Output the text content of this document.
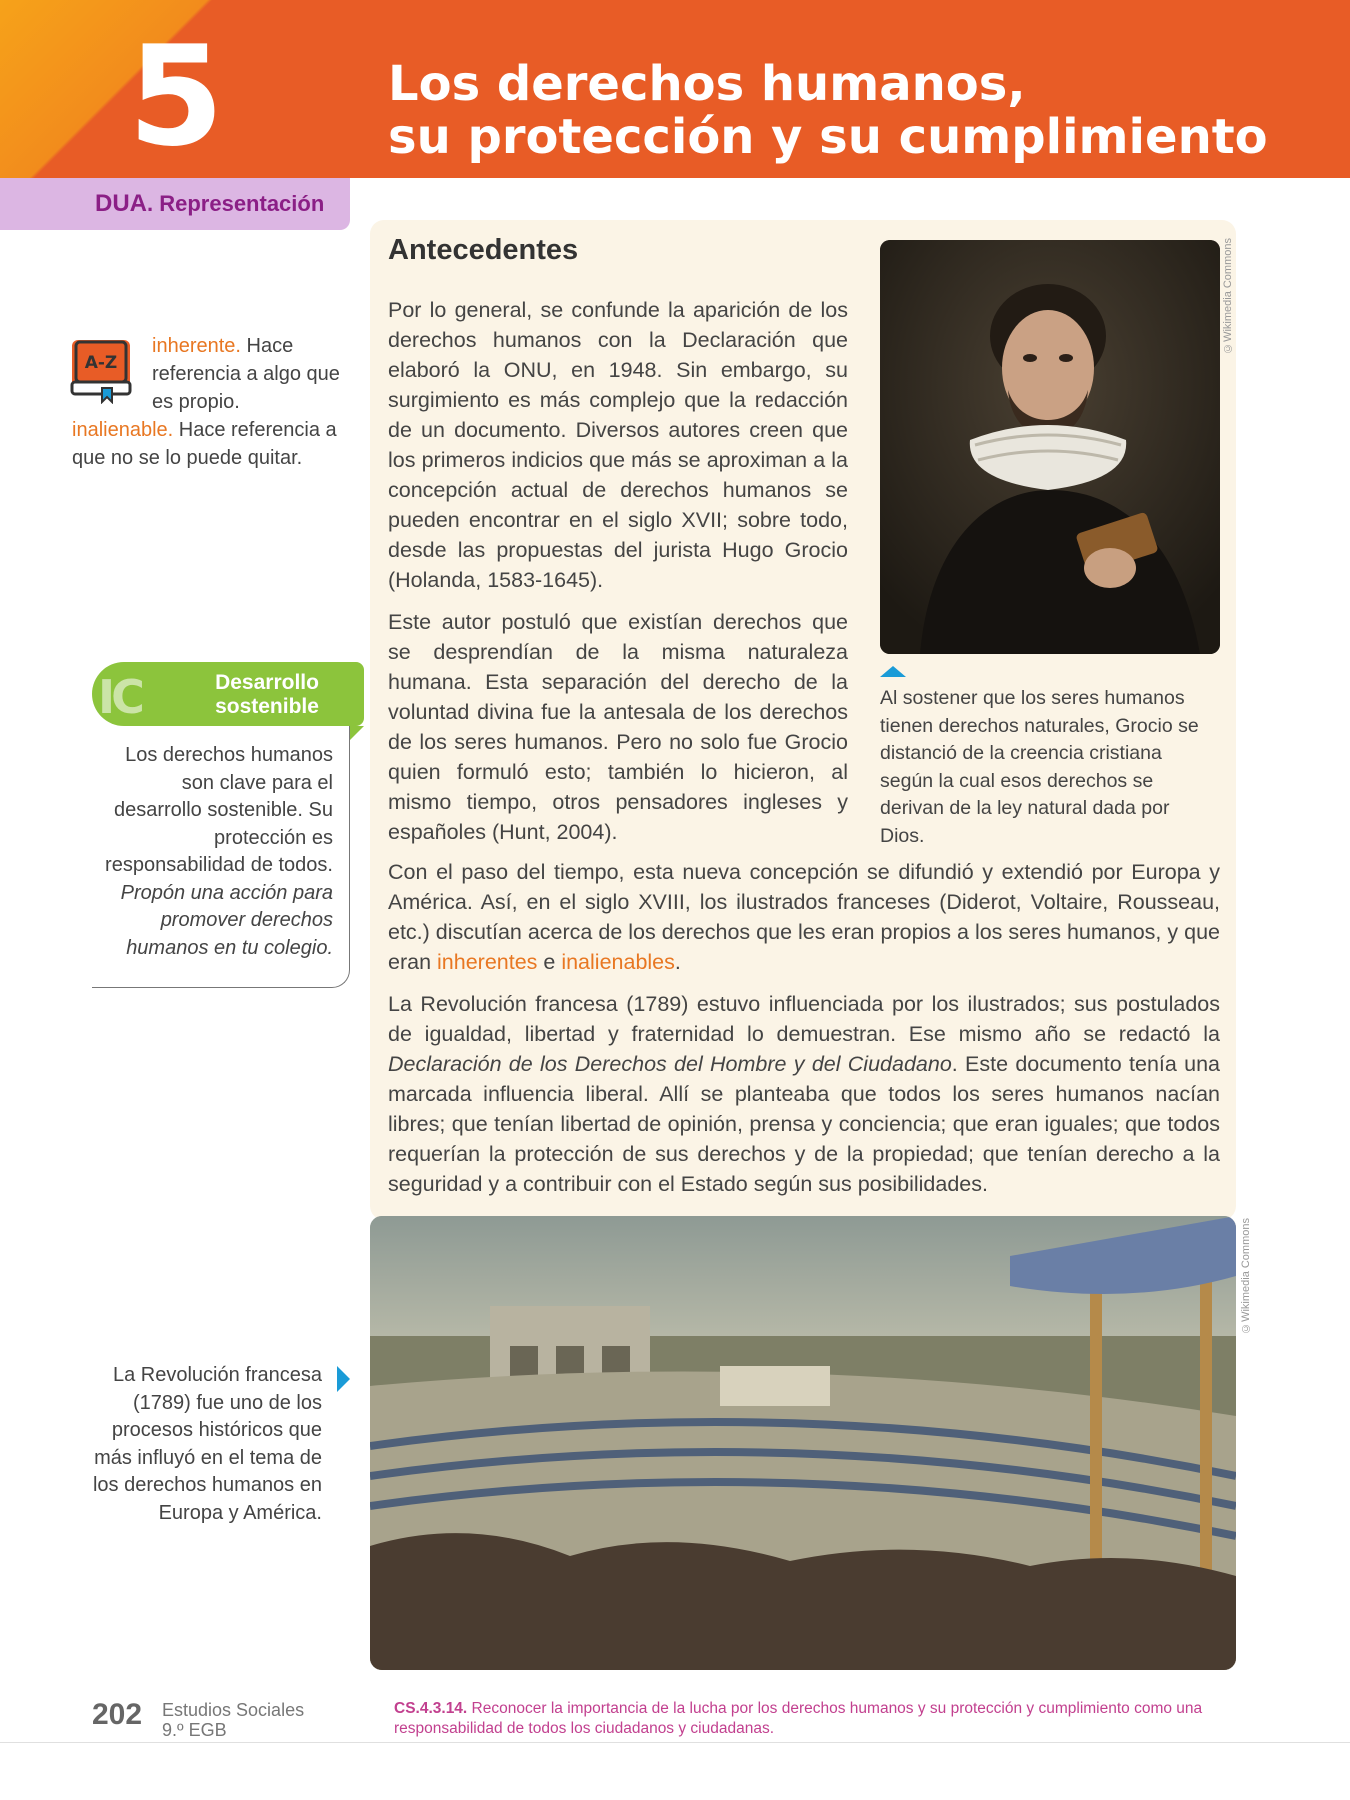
5	Los derechos humanos,
su protección y su cumplimiento
DUA. Representación
A-Z
inherente. Hace referencia a algo que es propio.
inalienable. Hace referencia a que no se lo puede quitar.
IC	Desarrollo sostenible
Los derechos humanos son clave para el desarrollo sostenible. Su protección es responsabilidad de todos.
Propón una acción para promover derechos humanos en tu colegio.
Antecedentes

Por lo general, se confunde la aparición de los derechos humanos con la Declaración que elaboró la ONU, en 1948. Sin embargo, su surgimiento es más complejo que la redacción de un documento. Diversos autores creen que los primeros indicios que más se aproximan a la concepción actual de derechos humanos se pueden encontrar en el siglo XVII; sobre todo, desde las propuestas del jurista Hugo Grocio (Holanda, 1583-1645).

Este autor postuló que existían derechos que se desprendían de la misma naturaleza humana. Esta separación del derecho de la voluntad divina fue la antesala de los derechos de los seres humanos. Pero no solo fue Grocio quien formuló esto; también lo hicieron, al mismo tiempo, otros pensadores ingleses y españoles (Hunt, 2004).

Con el paso del tiempo, esta nueva concepción se difundió y extendió por Europa y América. Así, en el siglo XVIII, los ilustrados franceses (Diderot, Voltaire, Rousseau, etc.) discutían acerca de los derechos que les eran propios a los seres humanos, y que eran inherentes e inalienables.

La Revolución francesa (1789) estuvo influenciada por los ilustrados; sus postulados de igualdad, libertad y fraternidad lo demuestran. Ese mismo año se redactó la Declaración de los Derechos del Hombre y del Ciudadano. Este documento tenía una marcada influencia liberal. Allí se planteaba que todos los seres humanos nacían libres; que tenían libertad de opinión, prensa y conciencia; que eran iguales; que todos requerían la protección de sus derechos y de la propiedad; que tenían derecho a la seguridad y a contribuir con el Estado según sus posibilidades.

©Wikimedia Commons
Al sostener que los seres humanos tienen derechos naturales, Grocio se distanció de la creencia cristiana según la cual esos derechos se derivan de la ley natural dada por Dios.
©Wikimedia Commons
La Revolución francesa (1789) fue uno de los procesos históricos que más influyó en el tema de los derechos humanos en Europa y América.
202 Estudios Sociales
9.º EGB
CS.4.3.14. Reconocer la importancia de la lucha por los derechos humanos y su protección y cumplimiento como una responsabilidad de todos los ciudadanos y ciudadanas.
